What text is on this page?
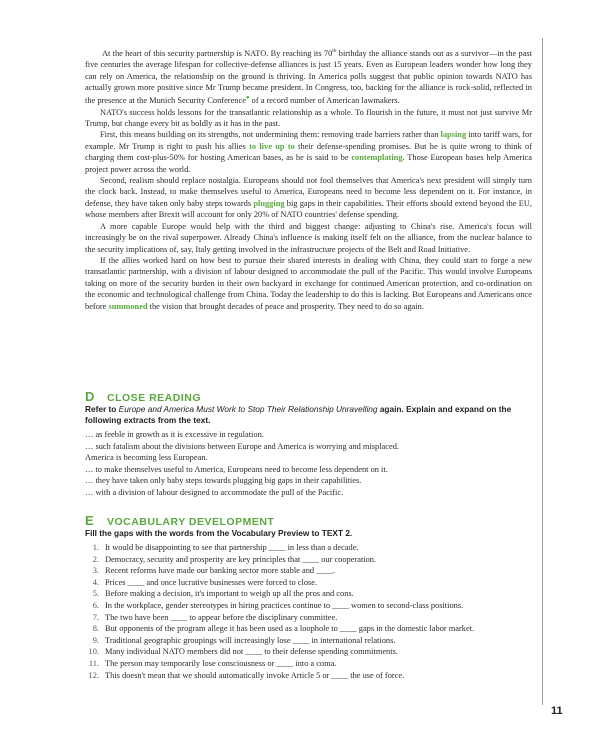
At the heart of this security partnership is NATO. By reaching its 70th birthday the alliance stands out as a survivor—in the past five centuries the average lifespan for collective-defense alliances is just 15 years. Even as European leaders wonder how long they can rely on America, the relationship on the ground is thriving. In America polls suggest that public opinion towards NATO has actually grown more positive since Mr Trump became president. In Congress, too, backing for the alliance is rock-solid, reflected in the presence at the Munich Security Conference● of a record number of American lawmakers.

NATO's success holds lessons for the transatlantic relationship as a whole. To flourish in the future, it must not just survive Mr Trump, but change every bit as boldly as it has in the past.

First, this means building on its strengths, not undermining them: removing trade barriers rather than lapsing into tariff wars, for example. Mr Trump is right to push his allies to live up to their defense-spending promises. But he is quite wrong to think of charging them cost-plus-50% for hosting American bases, as he is said to be contemplating. Those European bases help America project power across the world.

Second, realism should replace nostalgia. Europeans should not fool themselves that America's next president will simply turn the clock back. Instead, to make themselves useful to America, Europeans need to become less dependent on it. For instance, in defense, they have taken only baby steps towards plugging big gaps in their capabilities. Their efforts should extend beyond the EU, whose members after Brexit will account for only 20% of NATO countries' defense spending.

A more capable Europe would help with the third and biggest change: adjusting to China's rise. America's focus will increasingly be on the rival superpower. Already China's influence is making itself felt on the alliance, from the nuclear balance to the security implications of, say, Italy getting involved in the infrastructure projects of the Belt and Road Initiative.

If the allies worked hard on how best to pursue their shared interests in dealing with China, they could start to forge a new transatlantic partnership, with a division of labour designed to accommodate the pull of the Pacific. This would involve Europeans taking on more of the security burden in their own backyard in exchange for continued American protection, and co-ordination on the economic and technological challenge from China. Today the leadership to do this is lacking. But Europeans and Americans once before summoned the vision that brought decades of peace and prosperity. They need to do so again.

D CLOSE READING
Refer to Europe and America Must Work to Stop Their Relationship Unravelling again. Explain and expand on the following extracts from the text.
… as feeble in growth as it is excessive in regulation.
… such fatalism about the divisions between Europe and America is worrying and misplaced.
America is becoming less European.
… to make themselves useful to America, Europeans need to become less dependent on it.
… they have taken only baby steps towards plugging big gaps in their capabilities.
… with a division of labour designed to accommodate the pull of the Pacific.
E VOCABULARY DEVELOPMENT
Fill the gaps with the words from the Vocabulary Preview to TEXT 2.
1. It would be disappointing to see that partnership ____ in less than a decade.
2. Democracy, security and prosperity are key principles that ____ our cooperation.
3. Recent reforms have made our banking sector more stable and ____.
4. Prices ____ and once lucrative businesses were forced to close.
5. Before making a decision, it's important to weigh up all the pros and cons.
6. In the workplace, gender stereotypes in hiring practices continue to ____ women to second-class positions.
7. The two have been ____ to appear before the disciplinary committee.
8. But opponents of the program allege it has been used as a loophole to ____ gaps in the domestic labor market.
9. Traditional geographic groupings will increasingly lose ____ in international relations.
10. Many individual NATO members did not ____ to their defense spending commitments.
11. The person may temporarily lose consciousness or ____ into a coma.
12. This doesn't mean that we should automatically invoke Article 5 or ____ the use of force.
11
